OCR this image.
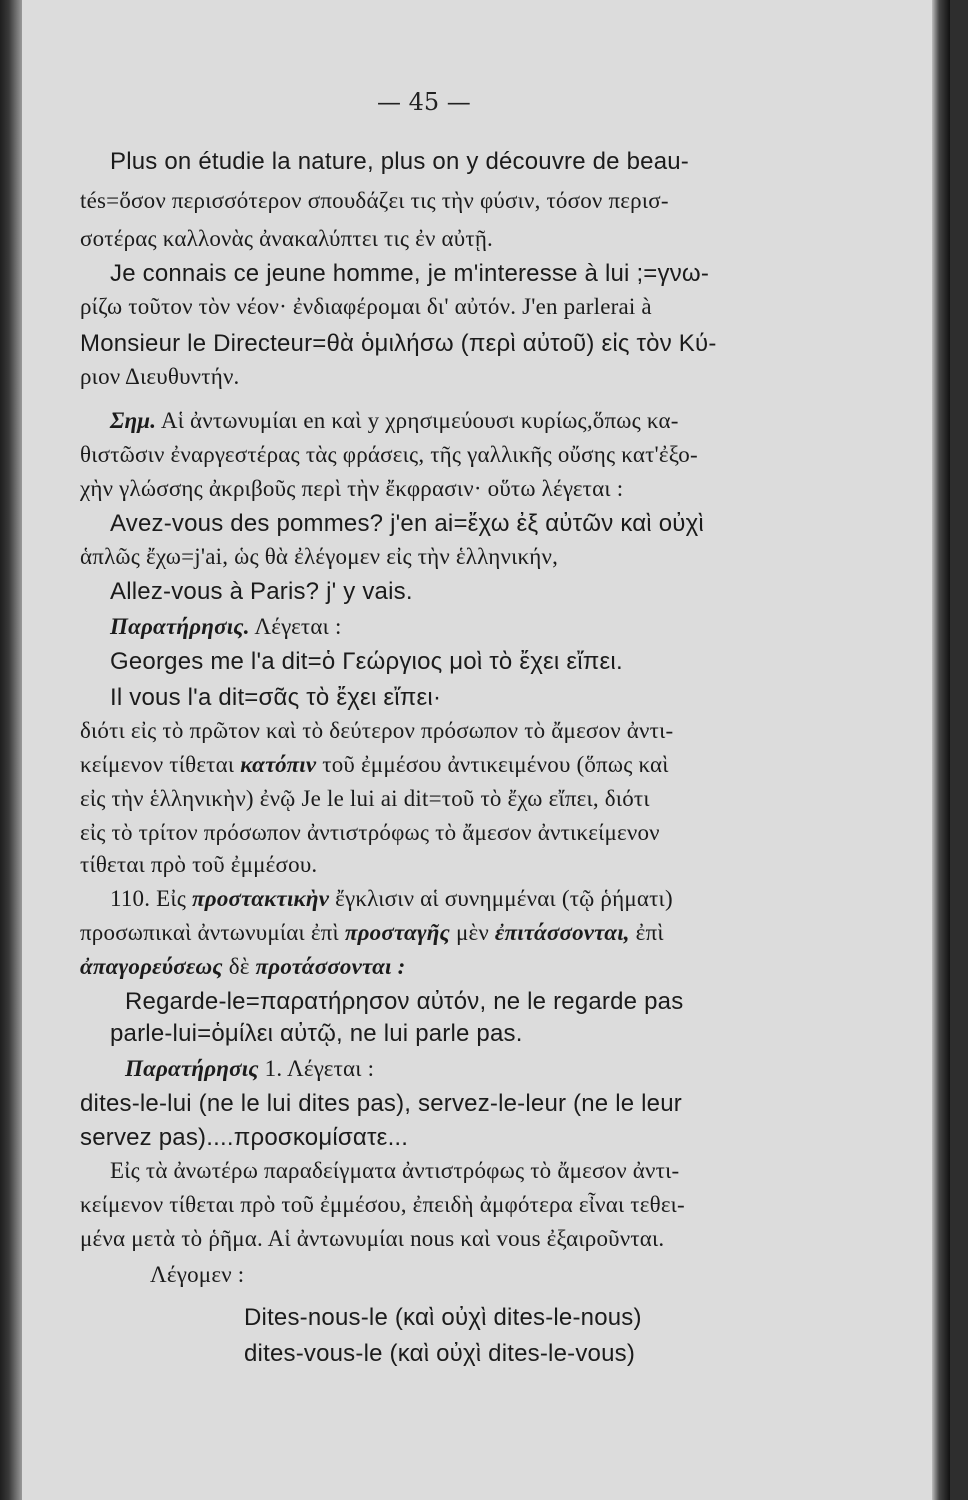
— 45 —
Plus on étudie la nature, plus on y découvre de beau-
tés=ὅσον περισσότερον σπουδάζει τις τὴν φύσιν, τόσον περισ-
σοτέρας καλλονὰς ἀνακαλύπτει τις ἐν αὐτῇ.
Je connais ce jeune homme, je m'interesse à lui ;=γνω-
ρίζω τοῦτον τὸν νέον· ἐνδιαφέρομαι δι' αὐτόν. J'en parlerai à
Monsieur le Directeur=θὰ ὁμιλήσω (περὶ αὐτοῦ) εἰς τὸν Κύ-
ριον Διευθυντήν.
Σημ. Αἱ ἀντωνυμίαι en καὶ y χρησιμεύουσι κυρίως,ὅπως κα-
θιστῶσιν ἐναργεστέρας τὰς φράσεις, τῆς γαλλικῆς οὔσης κατ'ἐξο-
χὴν γλώσσης ἀκριβοῦς περὶ τὴν ἔκφρασιν· οὕτω λέγεται :
Avez-vous des pommes? j'en ai=ἔχω ἐξ αὐτῶν καὶ οὐχὶ
ἁπλῶς ἔχω=j'ai, ὡς θὰ ἐλέγομεν εἰς τὴν ἑλληνικήν,
Allez-vous à Paris? j' y vais.
Παρατήρησις. Λέγεται :
Georges me l'a dit=ὁ Γεώργιος μοὶ τὸ ἔχει εἴπει.
Il vous l'a dit=σᾶς τὸ ἔχει εἴπει·
διότι εἰς τὸ πρῶτον καὶ τὸ δεύτερον πρόσωπον τὸ ἄμεσον ἀντι-
κείμενον τίθεται κατόπιν τοῦ ἐμμέσου ἀντικειμένου (ὅπως καὶ
εἰς τὴν ἑλληνικὴν) ἐνῷ Je le lui ai dit=τοῦ τὸ ἔχω εἴπει, διότι
εἰς τὸ τρίτον πρόσωπον ἀντιστρόφως τὸ ἄμεσον ἀντικείμενον
τίθεται πρὸ τοῦ ἐμμέσου.
110. Εἰς προστακτικὴν ἔγκλισιν αἱ συνημμέναι (τῷ ῥήματι)
προσωπικαὶ ἀντωνυμίαι ἐπὶ προσταγῆς μὲν ἐπιτάσσονται, ἐπὶ
ἀπαγορεύσεως δὲ προτάσσονται :
Regarde-le=παρατήρησον αὐτόν, ne le regarde pas
parle-lui=ὁμίλει αὐτῷ, ne lui parle pas.
Παρατήρησις 1. Λέγεται :
dites-le-lui (ne le lui dites pas), servez-le-leur (ne le leur
servez pas)....προσκομίσατε...
Εἰς τὰ ἀνωτέρω παραδείγματα ἀντιστρόφως τὸ ἄμεσον ἀντι-
κείμενον τίθεται πρὸ τοῦ ἐμμέσου, ἐπειδὴ ἀμφότερα εἶναι τεθει-
μένα μετὰ τὸ ῥῆμα. Αἱ ἀντωνυμίαι nous καὶ vous ἐξαιροῦνται.
Λέγομεν :
Dites-nous-le (καὶ οὐχὶ dites-le-nous)
dites-vous-le (καὶ οὐχὶ dites-le-vous)
